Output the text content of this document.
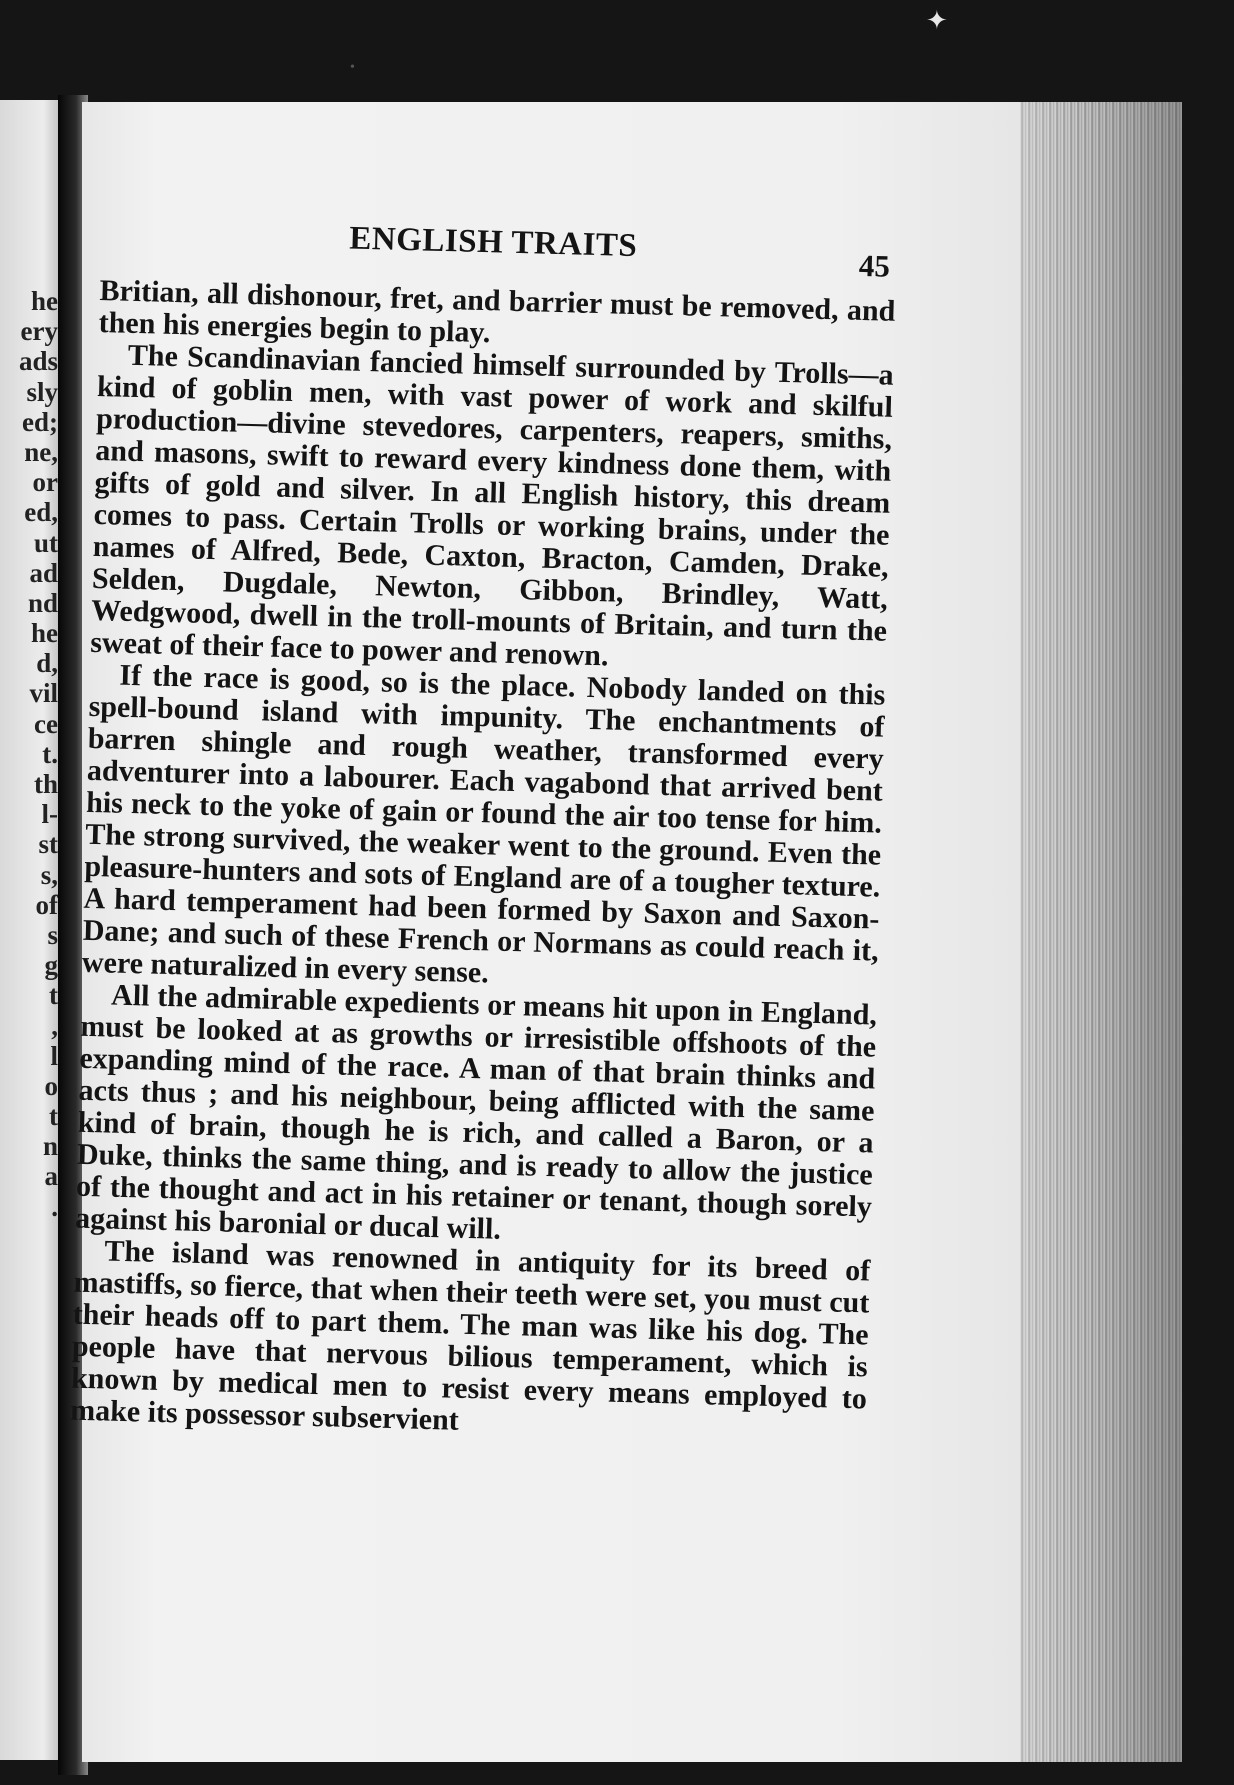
he
ery
ads
sly
ed;
ne,
or
ed,
ut
ad
nd
he
d,
vil
ce
t.
th
l-
st
s,
of
s
g
t
,
l
o
t
n
a
.
✦
•
ENGLISH TRAITS
45

Britian, all dishonour, fret, and barrier must be removed, and then his energies begin to play.

The Scandinavian fancied himself surrounded by Trolls—a kind of goblin men, with vast power of work and skilful production—divine stevedores, carpenters, reapers, smiths, and masons, swift to reward every kindness done them, with gifts of gold and silver. In all English history, this dream comes to pass. Certain Trolls or working brains, under the names of Alfred, Bede, Caxton, Bracton, Camden, Drake, Selden, Dugdale, Newton, Gibbon, Brindley, Watt, Wedgwood, dwell in the troll-mounts of Britain, and turn the sweat of their face to power and renown.

If the race is good, so is the place. Nobody landed on this spell-bound island with impunity. The enchantments of barren shingle and rough weather, transformed every adventurer into a labourer. Each vagabond that arrived bent his neck to the yoke of gain or found the air too tense for him. The strong survived, the weaker went to the ground. Even the pleasure-hunters and sots of England are of a tougher texture. A hard temperament had been formed by Saxon and Saxon-Dane; and such of these French or Normans as could reach it, were naturalized in every sense.

All the admirable expedients or means hit upon in England, must be looked at as growths or irresistible offshoots of the expanding mind of the race. A man of that brain thinks and acts thus ; and his neighbour, being afflicted with the same kind of brain, though he is rich, and called a Baron, or a Duke, thinks the same thing, and is ready to allow the justice of the thought and act in his retainer or tenant, though sorely against his baronial or ducal will.

The island was renowned in antiquity for its breed of mastiffs, so fierce, that when their teeth were set, you must cut their heads off to part them. The man was like his dog. The people have that nervous bilious temperament, which is known by medical men to resist every means employed to make its possessor subservient
